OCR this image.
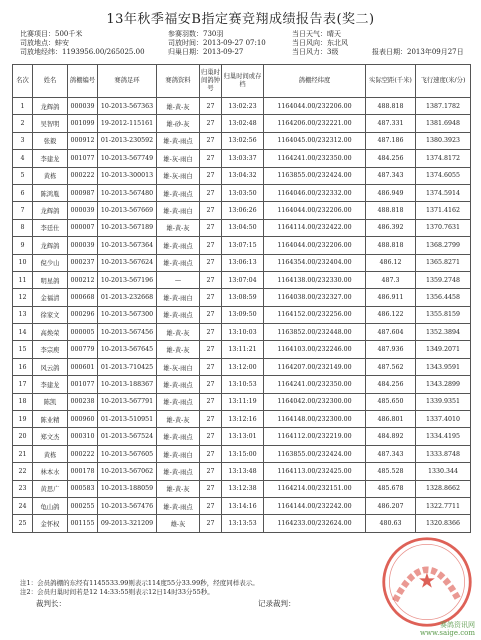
13年秋季福安B指定赛竞翔成绩报告表(奖二)
比赛项目：500千米
司放地点：蚌安
司放地经纬：1193956.00/265025.00
参赛羽数：730羽
司放时间：2013-09-27 07:10
归巢日期：2013-09-27
当日天气：晴天
当日风向：东北风
当日风力：3级	报表日期：2013年09月27日
名次	姓名	鸽棚编号	赛鸽足环	赛鸽资料	归巢时间鸽钟号	归巢时间或存档	鸽棚经纬度	实际空距(千米)	飞行速度(米/分)
1	龙辉鸽	000039	10-2013-567363	雄-黄-灰	27	13:02:23	1164044.00/232206.00	488.818	1387.1782
2	吴智明	001099	19-2012-115161	雄-砂-灰	27	13:02:48	1164206.00/232221.00	487.331	1381.6948
3	张毅	000912	01-2013-230592	雄-黄-雨点	27	13:02:56	1164045.00/232312.00	487.186	1380.3923
4	李建龙	001077	10-2013-567749	雄-灰-雨白	27	13:03:37	1164241.00/232350.00	484.256	1374.8172
5	黄栋	000222	10-2013-300013	雄-灰-雨白	27	13:04:32	1163855.00/232424.00	487.343	1374.6055
6	陈鸿胤	000987	10-2013-567480	雄-黄-雨点	27	13:03:50	1164046.00/232332.00	486.949	1374.5914
7	龙辉鸽	000039	10-2013-567669	雄-黄-雨白	27	13:06:26	1164044.00/232206.00	488.818	1371.4162
8	李廷仕	000007	10-2013-567189	雄-黄-灰	27	13:04:50	1164114.00/232422.00	486.392	1370.7631
9	龙辉鸽	000039	10-2013-567364	雄-黄-雨点	27	13:07:15	1164044.00/232206.00	488.818	1368.2799
10	倪少山	000237	10-2013-567624	雄-黄-雨点	27	13:06:13	1164354.00/232404.00	486.12	1365.8271
11	明星鸽	000212	10-2013-567196	—	27	13:07:04	1164138.00/232330.00	487.3	1359.2748
12	金福清	000668	01-2013-232668	雄-黄-雨白	27	13:08:59	1164038.00/232327.00	486.911	1356.4458
13	徐家文	000296	10-2013-567300	雄-黄-雨点	27	13:09:50	1164152.00/232256.00	486.122	1355.8159
14	高焕荣	000005	10-2013-567456	雄-黄-灰	27	13:10:03	1163852.00/232448.00	487.604	1352.3894
15	李宗庾	000779	10-2013-567645	雄-黄-灰	27	13:11:21	1164103.00/232246.00	487.936	1349.2071
16	风云鸽	000601	01-2013-710425	雄-灰-雨白	27	13:12:00	1164207.00/232149.00	487.562	1343.9591
17	李建龙	001077	10-2013-188367	雄-黄-雨点	27	13:10:53	1164241.00/232350.00	484.256	1343.2899
18	陈凯	000238	10-2013-567791	雄-黄-雨点	27	13:11:19	1164042.00/232300.00	485.650	1339.9351
19	陈业精	000960	01-2013-510951	雄-黄-灰	27	13:12:16	1164148.00/232300.00	486.801	1337.4010
20	郑文杰	000310	01-2013-567524	雄-黄-雨点	27	13:13:01	1164112.00/232219.00	484.892	1334.4195
21	黄栋	000222	10-2013-567605	雄-黄-雨白	27	13:15:00	1163855.00/232424.00	487.343	1333.8748
22	林本水	000178	10-2013-567062	雄-黄-雨点	27	13:13:48	1164113.00/232425.00	485.528	1330.344
23	黄思广	000583	10-2013-188059	雄-黄-灰	27	13:12:38	1164214.00/232151.00	485.678	1328.8662
24	龟山鸽	000255	10-2013-567476	雄-黄-雨点	27	13:14:16	1164144.00/232242.00	486.207	1322.7711
25	金怀权	001155	09-2013-321209	雄-灰	27	13:13:53	1164233.00/232624.00	480.63	1320.8366
注1：会员鸽棚的东经有1145533.99则表示114度55分33.99秒，经度同样表示。
注2：会员归巢时间若是12 14:33:55则表示12日14时33分55秒。
裁判长：	记录裁判：
★
赛鸽资讯网
www.saige.com
